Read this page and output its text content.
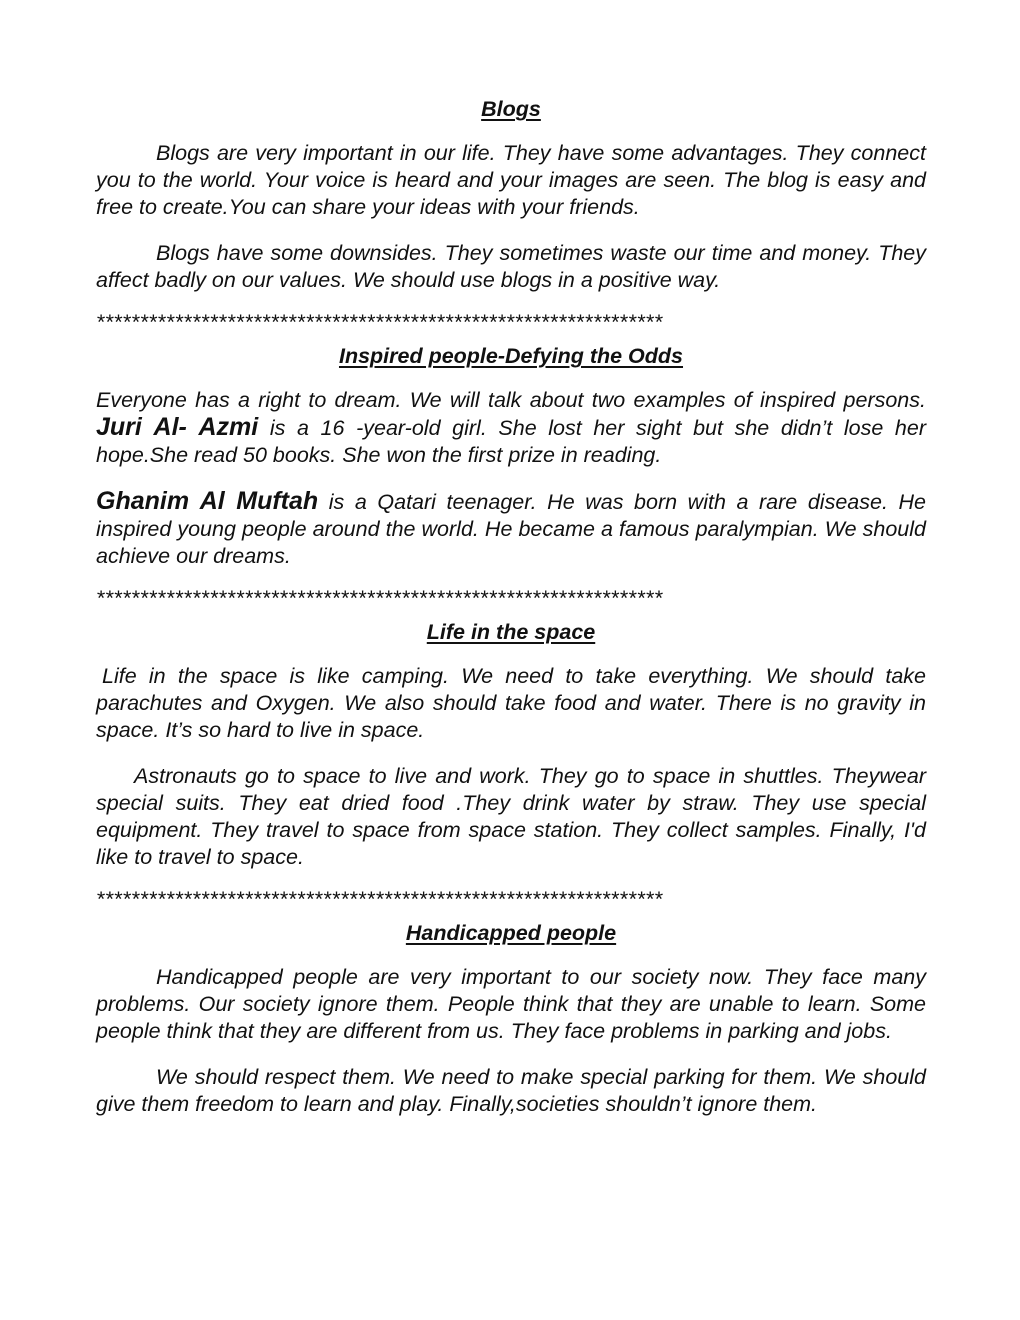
Blogs

Blogs are very important in our life. They have some advantages. They connect you to the world. Your voice is heard and your images are seen. The blog is easy and free to create.You can share your ideas with your friends.

Blogs have some downsides. They sometimes waste our time and money. They affect badly on our values. We should use blogs in a positive way.

*****************************************************************
Inspired people-Defying the Odds

Everyone has a right to dream. We will talk about two examples of inspired persons. Juri Al- Azmi is a 16 -year-old girl. She lost her sight but she didn’t lose her hope.She read 50 books. She won the first prize in reading.

Ghanim Al Muftah is a Qatari teenager. He was born with a rare disease. He inspired young people around the world. He became a famous paralympian. We should achieve our dreams.

*****************************************************************
Life in the space

Life in the space is like camping. We need to take everything. We should take parachutes and Oxygen. We also should take food and water. There is no gravity in space. It’s so hard to live in space.

Astronauts go to space to live and work. They go to space in shuttles. Theywear special suits. They eat dried food .They drink water by straw. They use special equipment. They travel to space from space station. They collect samples. Finally, I'd like to travel to space.

*****************************************************************
Handicapped people

Handicapped people are very important to our society now. They face many problems. Our society ignore them. People think that they are unable to learn. Some people think that they are different from us. They face problems in parking and jobs.

We should respect them. We need to make special parking for them. We should give them freedom to learn and play. Finally,societies shouldn’t ignore them.
